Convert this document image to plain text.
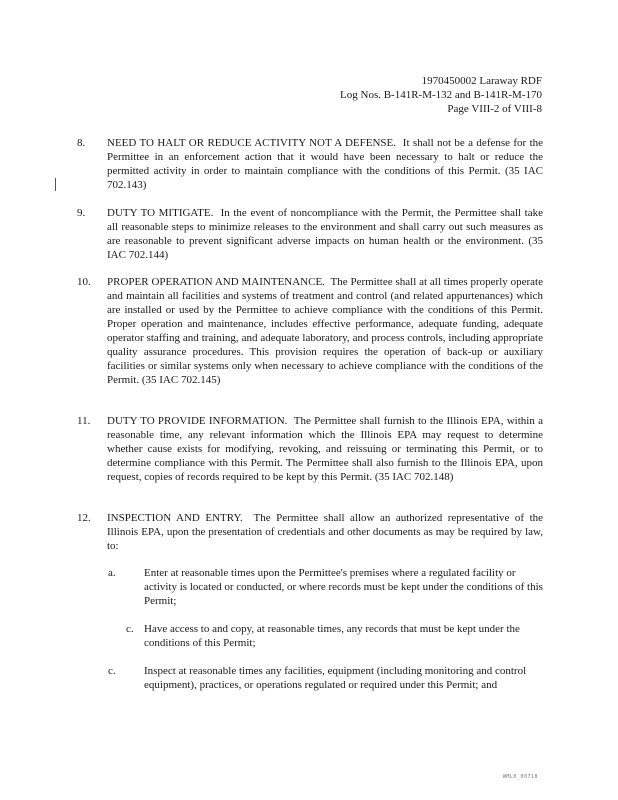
1970450002 Laraway RDF
Log Nos. B-141R-M-132 and B-141R-M-170
Page VIII-2 of VIII-8
8. NEED TO HALT OR REDUCE ACTIVITY NOT A DEFENSE. It shall not be a defense for the Permittee in an enforcement action that it would have been necessary to halt or reduce the permitted activity in order to maintain compliance with the conditions of this Permit. (35 IAC 702.143)
9. DUTY TO MITIGATE. In the event of noncompliance with the Permit, the Permittee shall take all reasonable steps to minimize releases to the environment and shall carry out such measures as are reasonable to prevent significant adverse impacts on human health or the environment. (35 IAC 702.144)
10. PROPER OPERATION AND MAINTENANCE. The Permittee shall at all times properly operate and maintain all facilities and systems of treatment and control (and related appurtenances) which are installed or used by the Permittee to achieve compliance with the conditions of this Permit. Proper operation and maintenance, includes effective performance, adequate funding, adequate operator staffing and training, and adequate laboratory, and process controls, including appropriate quality assurance procedures. This provision requires the operation of back-up or auxiliary facilities or similar systems only when necessary to achieve compliance with the conditions of the Permit. (35 IAC 702.145)
11. DUTY TO PROVIDE INFORMATION. The Permittee shall furnish to the Illinois EPA, within a reasonable time, any relevant information which the Illinois EPA may request to determine whether cause exists for modifying, revoking, and reissuing or terminating this Permit, or to determine compliance with this Permit. The Permittee shall also furnish to the Illinois EPA, upon request, copies of records required to be kept by this Permit. (35 IAC 702.148)
12. INSPECTION AND ENTRY. The Permittee shall allow an authorized representative of the Illinois EPA, upon the presentation of credentials and other documents as may be required by law, to:
a.	Enter at reasonable times upon the Permittee's premises where a regulated facility or activity is located or conducted, or where records must be kept under the conditions of this Permit;
c. Have access to and copy, at reasonable times, any records that must be kept under the conditions of this Permit;
c.	Inspect at reasonable times any facilities, equipment (including monitoring and control equipment), practices, or operations regulated or required under this Permit; and
WML0_00718
